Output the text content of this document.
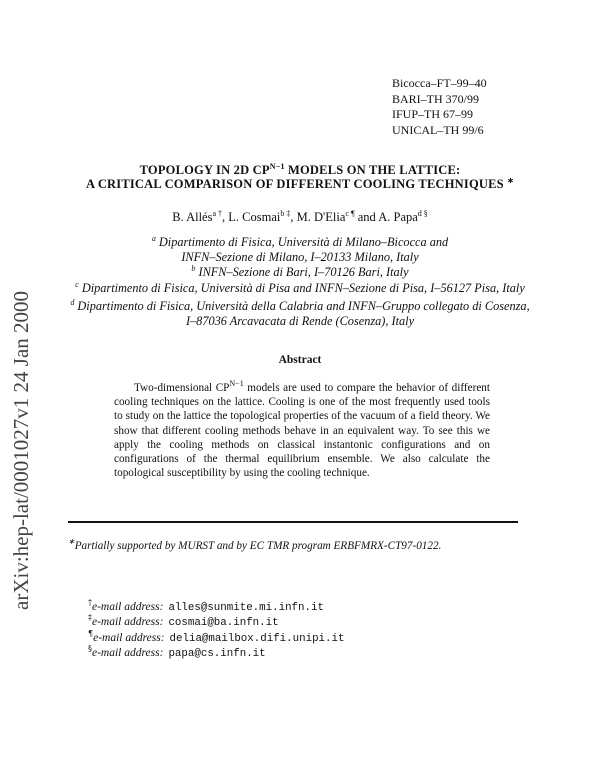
arXiv:hep-lat/0001027v1 24 Jan 2000
Bicocca–FT–99–40
BARI–TH 370/99
IFUP–TH 67–99
UNICAL–TH 99/6
TOPOLOGY IN 2D $CP^{N-1}$ MODELS ON THE LATTICE:
A CRITICAL COMPARISON OF DIFFERENT COOLING TECHNIQUES ∗
B. Allés$^{a \dagger}$, L. Cosmai$^{b \ddagger}$, M. D'Elia$^{c \P}$ and A. Papa$^{d \S}$
$^a$ Dipartimento di Fisica, Università di Milano–Bicocca and
INFN–Sezione di Milano, I–20133 Milano, Italy
$^b$ INFN–Sezione di Bari, I–70126 Bari, Italy
$^c$ Dipartimento di Fisica, Università di Pisa and INFN–Sezione di Pisa, I–56127 Pisa, Italy
$^d$ Dipartimento di Fisica, Università della Calabria and INFN–Gruppo collegato di Cosenza,
I–87036 Arcavacata di Rende (Cosenza), Italy
Abstract

Two-dimensional $CP^{N-1}$ models are used to compare the behavior of different cooling techniques on the lattice. Cooling is one of the most frequently used tools to study on the lattice the topological properties of the vacuum of a field theory. We show that different cooling methods behave in an equivalent way. To see this we apply the cooling methods on classical instantonic configurations and on configurations of the thermal equilibrium ensemble. We also calculate the topological susceptibility by using the cooling technique.

∗Partially supported by MURST and by EC TMR program ERBFMRX-CT97-0122.
†e-mail address: alles@sunmite.mi.infn.it
‡e-mail address: cosmai@ba.infn.it
¶e-mail address: delia@mailbox.difi.unipi.it
§e-mail address: papa@cs.infn.it
